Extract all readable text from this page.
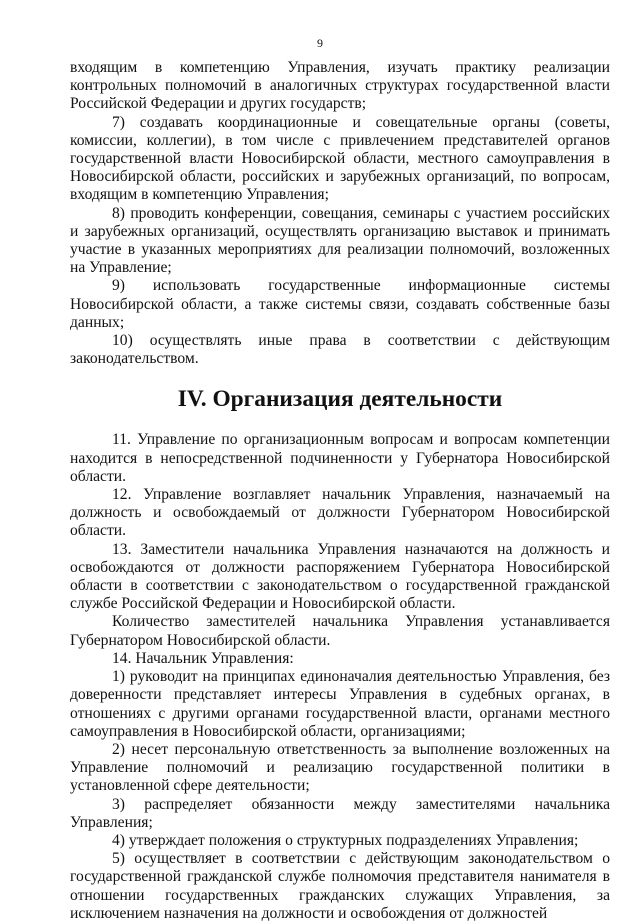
9

входящим в компетенцию Управления, изучать практику реализации контрольных полномочий в аналогичных структурах государственной власти Российской Федерации и других государств;

7) создавать координационные и совещательные органы (советы, комиссии, коллегии), в том числе с привлечением представителей органов государственной власти Новосибирской области, местного самоуправления в Новосибирской области, российских и зарубежных организаций, по вопросам, входящим в компетенцию Управления;

8) проводить конференции, совещания, семинары с участием российских и зарубежных организаций, осуществлять организацию выставок и принимать участие в указанных мероприятиях для реализации полномочий, возложенных на Управление;

9) использовать государственные информационные системы Новосибирской области, а также системы связи, создавать собственные базы данных;

10) осуществлять иные права в соответствии с действующим законодательством.

IV. Организация деятельности

11. Управление по организационным вопросам и вопросам компетенции находится в непосредственной подчиненности у Губернатора Новосибирской области.

12. Управление возглавляет начальник Управления, назначаемый на должность и освобождаемый от должности Губернатором Новосибирской области.

13. Заместители начальника Управления назначаются на должность и освобождаются от должности распоряжением Губернатора Новосибирской области в соответствии с законодательством о государственной гражданской службе Российской Федерации и Новосибирской области.

Количество заместителей начальника Управления устанавливается Губернатором Новосибирской области.

14. Начальник Управления:

1) руководит на принципах единоначалия деятельностью Управления, без доверенности представляет интересы Управления в судебных органах, в отношениях с другими органами государственной власти, органами местного самоуправления в Новосибирской области, организациями;

2) несет персональную ответственность за выполнение возложенных на Управление полномочий и реализацию государственной политики в установленной сфере деятельности;

3) распределяет обязанности между заместителями начальника Управления;

4) утверждает положения о структурных подразделениях Управления;

5) осуществляет в соответствии с действующим законодательством о государственной гражданской службе полномочия представителя нанимателя в отношении государственных гражданских служащих Управления, за исключением назначения на должности и освобождения от должностей
